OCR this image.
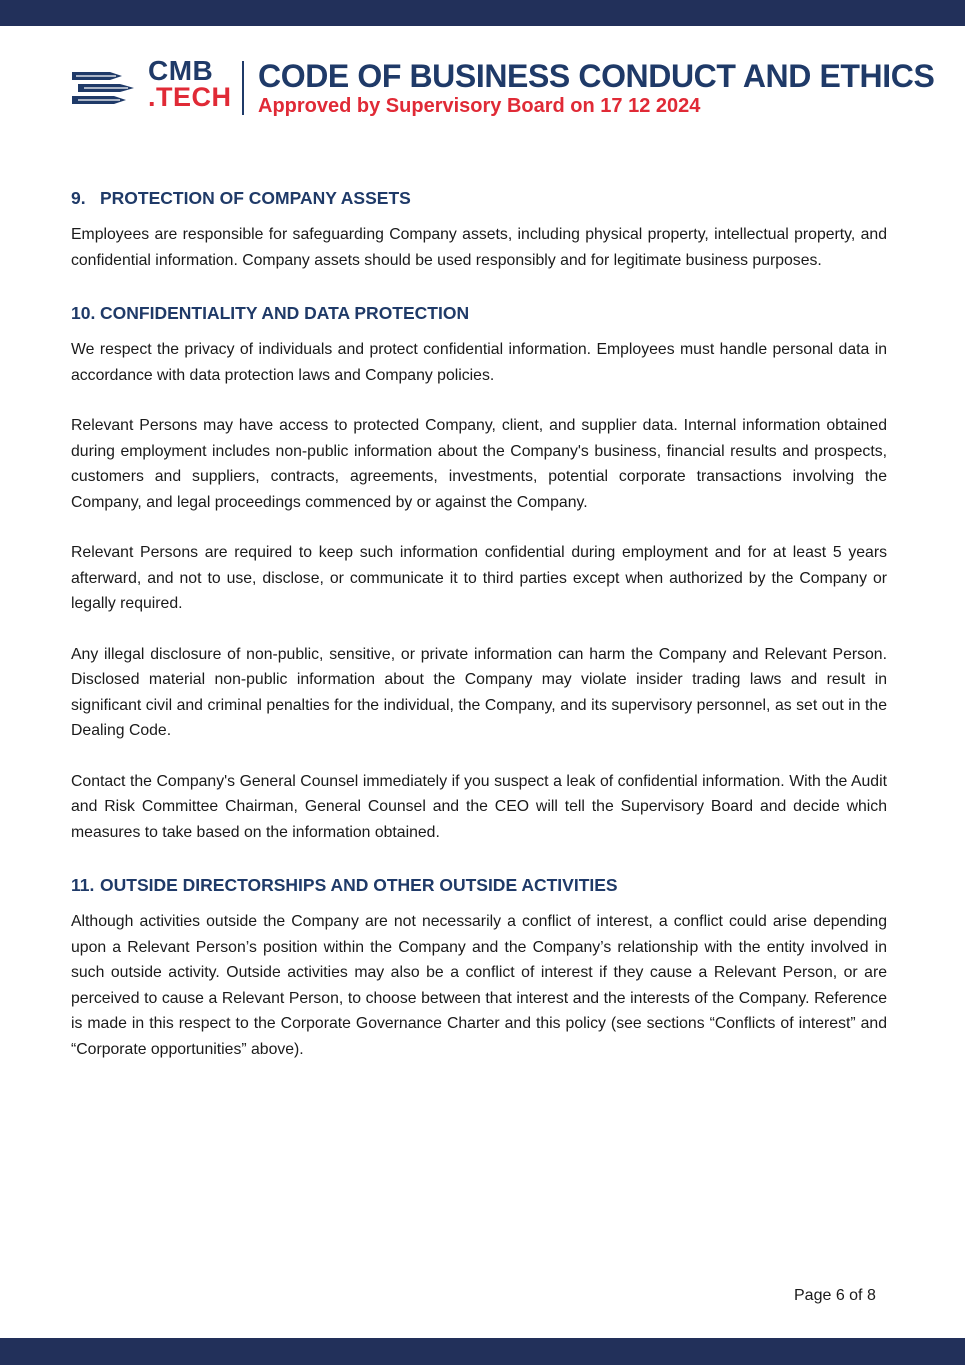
CMB
.TECH
CODE OF BUSINESS CONDUCT AND ETHICS
Approved by Supervisory Board on 17 12 2024
9. PROTECTION OF COMPANY ASSETS

Employees are responsible for safeguarding Company assets, including physical property, intellectual property, and confidential information. Company assets should be used responsibly and for legitimate business purposes.

10. CONFIDENTIALITY AND DATA PROTECTION

We respect the privacy of individuals and protect confidential information. Employees must handle personal data in accordance with data protection laws and Company policies.

Relevant Persons may have access to protected Company, client, and supplier data. Internal information obtained during employment includes non-public information about the Company's business, financial results and prospects, customers and suppliers, contracts, agreements, investments, potential corporate transactions involving the Company, and legal proceedings commenced by or against the Company.

Relevant Persons are required to keep such information confidential during employment and for at least 5 years afterward, and not to use, disclose, or communicate it to third parties except when authorized by the Company or legally required.

Any illegal disclosure of non-public, sensitive, or private information can harm the Company and Relevant Person. Disclosed material non-public information about the Company may violate insider trading laws and result in significant civil and criminal penalties for the individual, the Company, and its supervisory personnel, as set out in the Dealing Code.

Contact the Company's General Counsel immediately if you suspect a leak of confidential information. With the Audit and Risk Committee Chairman, General Counsel and the CEO will tell the Supervisory Board and decide which measures to take based on the information obtained.

11. OUTSIDE DIRECTORSHIPS AND OTHER OUTSIDE ACTIVITIES

Although activities outside the Company are not necessarily a conflict of interest, a conflict could arise depending upon a Relevant Person’s position within the Company and the Company’s relationship with the entity involved in such outside activity. Outside activities may also be a conflict of interest if they cause a Relevant Person, or are perceived to cause a Relevant Person, to choose between that interest and the interests of the Company. Reference is made in this respect to the Corporate Governance Charter and this policy (see sections “Conflicts of interest” and “Corporate opportunities” above).

Page 6 of 8
